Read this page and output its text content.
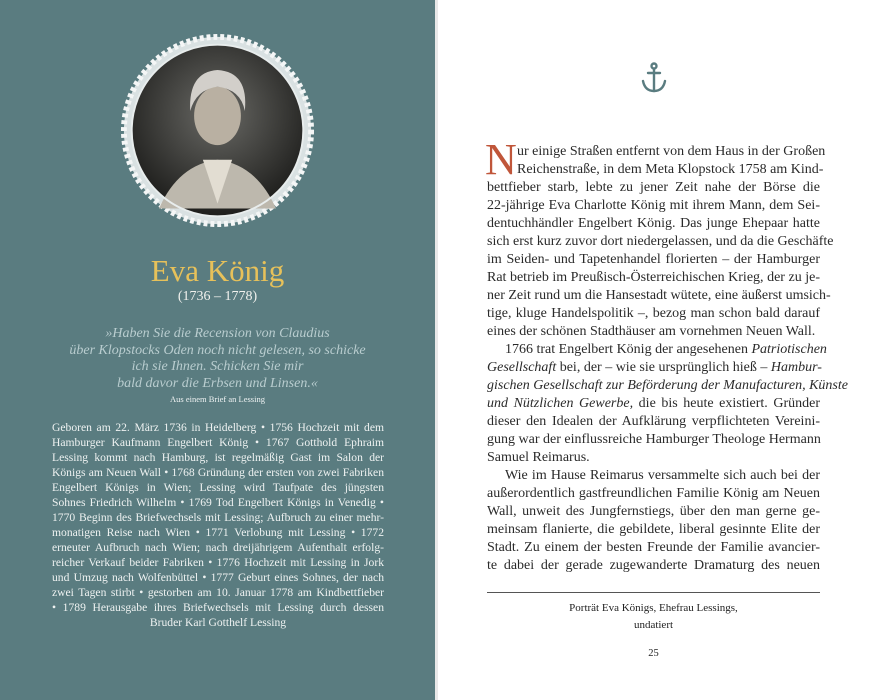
Eva König
(1736 – 1778)
»Haben Sie die Recension von Claudius
über Klopstocks Oden noch nicht gelesen, so schicke
ich sie Ihnen. Schicken Sie mir
bald davor die Erbsen und Linsen.«
Aus einem Brief an Lessing
Geboren am 22. März 1736 in Heidelberg • 1756 Hochzeit mit dem
Hamburger Kaufmann Engelbert König • 1767 Gotthold Ephraim
Lessing kommt nach Hamburg, ist regelmäßig Gast im Salon der
Königs am Neuen Wall • 1768 Gründung der ersten von zwei Fabriken
Engelbert Königs in Wien; Lessing wird Taufpate des jüngsten
Sohnes Friedrich Wilhelm • 1769 Tod Engelbert Königs in Venedig •
1770 Beginn des Briefwechsels mit Lessing; Aufbruch zu einer mehr-
monatigen Reise nach Wien • 1771 Verlobung mit Lessing • 1772
erneuter Aufbruch nach Wien; nach dreijährigem Aufenthalt erfolg-
reicher Verkauf beider Fabriken • 1776 Hochzeit mit Lessing in Jork
und Umzug nach Wolfenbüttel • 1777 Geburt eines Sohnes, der nach
zwei Tagen stirbt • gestorben am 10. Januar 1778 am Kindbettfieber
• 1789 Herausgabe ihres Briefwechsels mit Lessing durch dessen
Bruder Karl Gotthelf Lessing
N ur einige Straßen entfernt von dem Haus in der Großen
Reichenstraße, in dem Meta Klopstock 1758 am Kind-
bettfieber starb, lebte zu jener Zeit nahe der Börse die
22-jährige Eva Charlotte König mit ihrem Mann, dem Sei-
dentuchhändler Engelbert König. Das junge Ehepaar hatte
sich erst kurz zuvor dort niedergelassen, und da die Geschäfte
im Seiden- und Tapetenhandel florierten – der Hamburger
Rat betrieb im Preußisch-Österreichischen Krieg, der zu je-
ner Zeit rund um die Hansestadt wütete, eine äußerst umsich-
tige, kluge Handelspolitik –, bezog man schon bald darauf
eines der schönen Stadthäuser am vornehmen Neuen Wall.
1766 trat Engelbert König der angesehenen Patriotischen
Gesellschaft bei, der – wie sie ursprünglich hieß – Hambur-
gischen Gesellschaft zur Beförderung der Manufacturen, Künste
und Nützlichen Gewerbe, die bis heute existiert. Gründer
dieser den Idealen der Aufklärung verpflichteten Vereini-
gung war der einflussreiche Hamburger Theologe Hermann
Samuel Reimarus.
Wie im Hause Reimarus versammelte sich auch bei der
außerordentlich gastfreundlichen Familie König am Neuen
Wall, unweit des Jungfernstiegs, über den man gerne ge-
meinsam flanierte, die gebildete, liberal gesinnte Elite der
Stadt. Zu einem der besten Freunde der Familie avancier-
te dabei der gerade zugewanderte Dramaturg des neuen
Porträt Eva Königs, Ehefrau Lessings,
undatiert
25
